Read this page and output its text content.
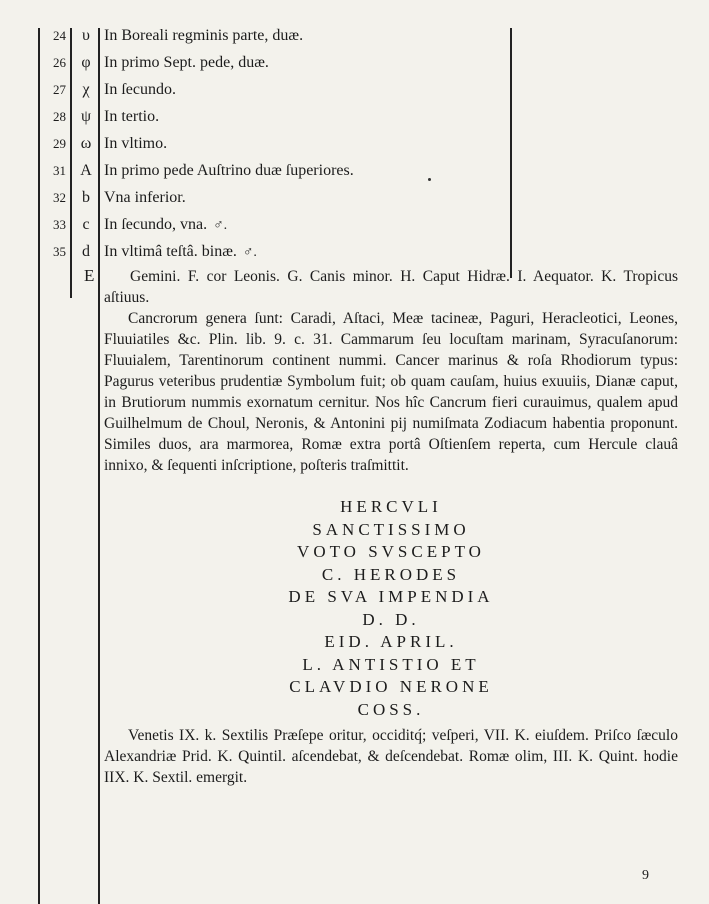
24	υ In Boreali regminis parte, duæ.
26 φ In primo Sept. pede, duæ.
27	χ In ſecundo.
28 ψ In tertio.
29 ω In vltimo.
31 A In primo pede Auſtrino duæ ſuperiores.
32	b Vna inferior.
33	c In ſecundo, vna. ♂.
35	d In vltimâ teſtâ. binæ. ♂.
E	Gemini. F. cor Leonis. G. Canis minor. H. Caput Hidræ. I. Aequator. K. Tropicus aſtiuus.

Cancrorum genera ſunt: Caradi, Aſtaci, Meæ tacineæ, Paguri, Heracleotici, Leones, Fluuiatiles &c. Plin. lib. 9. c. 31. Cammarum ſeu locuſtam marinam, Syracuſanorum: Fluuialem, Tarentinorum continent nummi. Cancer marinus & roſa Rhodiorum typus: Pagurus veteribus prudentiæ Symbolum fuit; ob quam cauſam, huius exuuiis, Dianæ caput, in Brutiorum nummis exornatum cernitur. Nos hîc Cancrum fieri curauimus, qualem apud Guilhelmum de Choul, Neronis, & Antonini pij numiſmata Zodiacum habentia proponunt. Similes duos, ara marmorea, Romæ extra portâ Oſtienſem reperta, cum Hercule clauâ innixo, & ſequenti inſcriptione, poſteris traſmittit.

HERCVLI
SANCTISSIMO
VOTO SVSCEPTO
C. HERODES
DE SVA IMPENDIA
D. D.
EID. APRIL.
L. ANTISTIO ET
CLAVDIO NERONE
COSS.

Venetis IX. k. Sextilis Præſepe oritur, occiditq́; veſperi, VII. K. eiuſdem. Priſco ſæculo Alexandriæ Prid. K. Quintil. aſcendebat, & deſcendebat. Romæ olim, III. K. Quint. hodie IIX. K. Sextil. emergit.

9
